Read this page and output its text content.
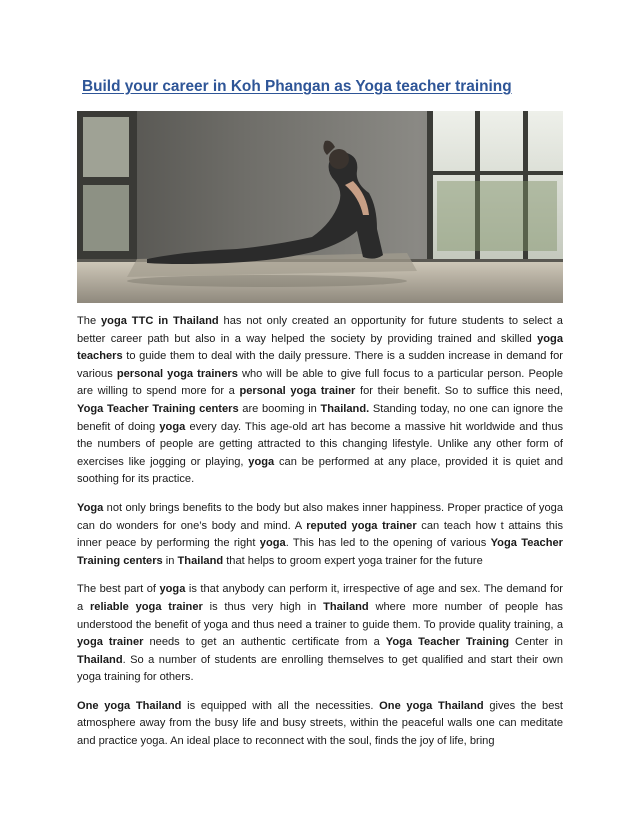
Build your career in Koh Phangan as Yoga teacher training

The yoga TTC in Thailand has not only created an opportunity for future students to select a better career path but also in a way helped the society by providing trained and skilled yoga teachers to guide them to deal with the daily pressure. There is a sudden increase in demand for various personal yoga trainers who will be able to give full focus to a particular person. People are willing to spend more for a personal yoga trainer for their benefit. So to suffice this need, Yoga Teacher Training centers are booming in Thailand. Standing today, no one can ignore the benefit of doing yoga every day. This age-old art has become a massive hit worldwide and thus the numbers of people are getting attracted to this changing lifestyle. Unlike any other form of exercises like jogging or playing, yoga can be performed at any place, provided it is quiet and soothing for its practice.

Yoga not only brings benefits to the body but also makes inner happiness. Proper practice of yoga can do wonders for one’s body and mind. A reputed yoga trainer can teach how t attains this inner peace by performing the right yoga. This has led to the opening of various Yoga Teacher Training centers in Thailand that helps to groom expert yoga trainer for the future

The best part of yoga is that anybody can perform it, irrespective of age and sex. The demand for a reliable yoga trainer is thus very high in Thailand where more number of people has understood the benefit of yoga and thus need a trainer to guide them. To provide quality training, a yoga trainer needs to get an authentic certificate from a Yoga Teacher Training Center in Thailand. So a number of students are enrolling themselves to get qualified and start their own yoga training for others.

One yoga Thailand is equipped with all the necessities. One yoga Thailand gives the best atmosphere away from the busy life and busy streets, within the peaceful walls one can meditate and practice yoga. An ideal place to reconnect with the soul, finds the joy of life, bring
